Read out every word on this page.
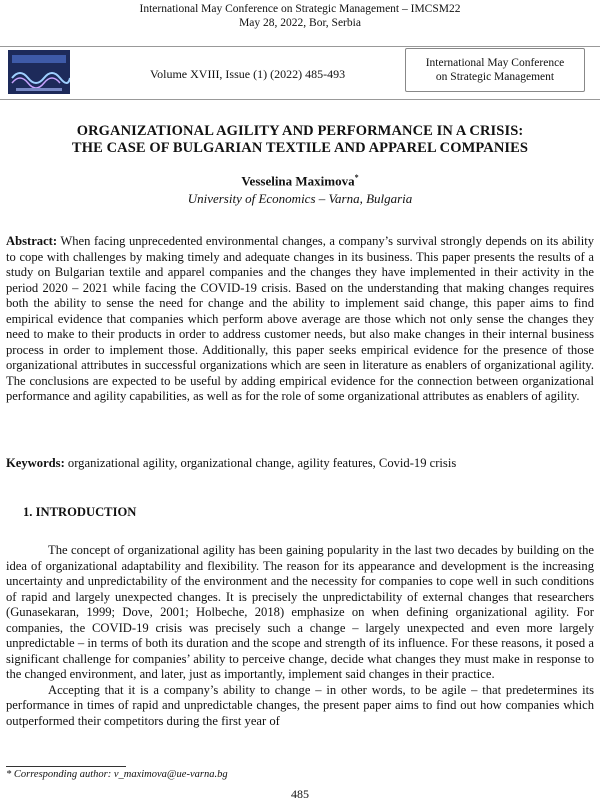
International May Conference on Strategic Management – IMCSM22
May 28, 2022, Bor, Serbia
Volume XVIII, Issue (1) (2022) 485-493
International May Conference
on Strategic Management
ORGANIZATIONAL AGILITY AND PERFORMANCE IN A CRISIS:
THE CASE OF BULGARIAN TEXTILE AND APPAREL COMPANIES
Vesselina Maximova*
University of Economics – Varna, Bulgaria
Abstract: When facing unprecedented environmental changes, a company’s survival strongly depends on its ability to cope with challenges by making timely and adequate changes in its business. This paper presents the results of a study on Bulgarian textile and apparel companies and the changes they have implemented in their activity in the period 2020 – 2021 while facing the COVID-19 crisis. Based on the understanding that making changes requires both the ability to sense the need for change and the ability to implement said change, this paper aims to find empirical evidence that companies which perform above average are those which not only sense the changes they need to make to their products in order to address customer needs, but also make changes in their internal business process in order to implement those. Additionally, this paper seeks empirical evidence for the presence of those organizational attributes in successful organizations which are seen in literature as enablers of organizational agility. The conclusions are expected to be useful by adding empirical evidence for the connection between organizational performance and agility capabilities, as well as for the role of some organizational attributes as enablers of agility.
Keywords: organizational agility, organizational change, agility features, Covid-19 crisis
1. INTRODUCTION

The concept of organizational agility has been gaining popularity in the last two decades by building on the idea of organizational adaptability and flexibility. The reason for its appearance and development is the increasing uncertainty and unpredictability of the environment and the necessity for companies to cope well in such conditions of rapid and largely unexpected changes. It is precisely the unpredictability of external changes that researchers (Gunasekaran, 1999; Dove, 2001; Holbeche, 2018) emphasize on when defining organizational agility. For companies, the COVID-19 crisis was precisely such a change – largely unexpected and even more largely unpredictable – in terms of both its duration and the scope and strength of its influence. For these reasons, it posed a significant challenge for companies’ ability to perceive change, decide what changes they must make in response to the changed environment, and later, just as importantly, implement said changes in their practice.

Accepting that it is a company’s ability to change – in other words, to be agile – that predetermines its performance in times of rapid and unpredictable changes, the present paper aims to find out how companies which outperformed their competitors during the first year of

* Corresponding author: v_maximova@ue-varna.bg
485
